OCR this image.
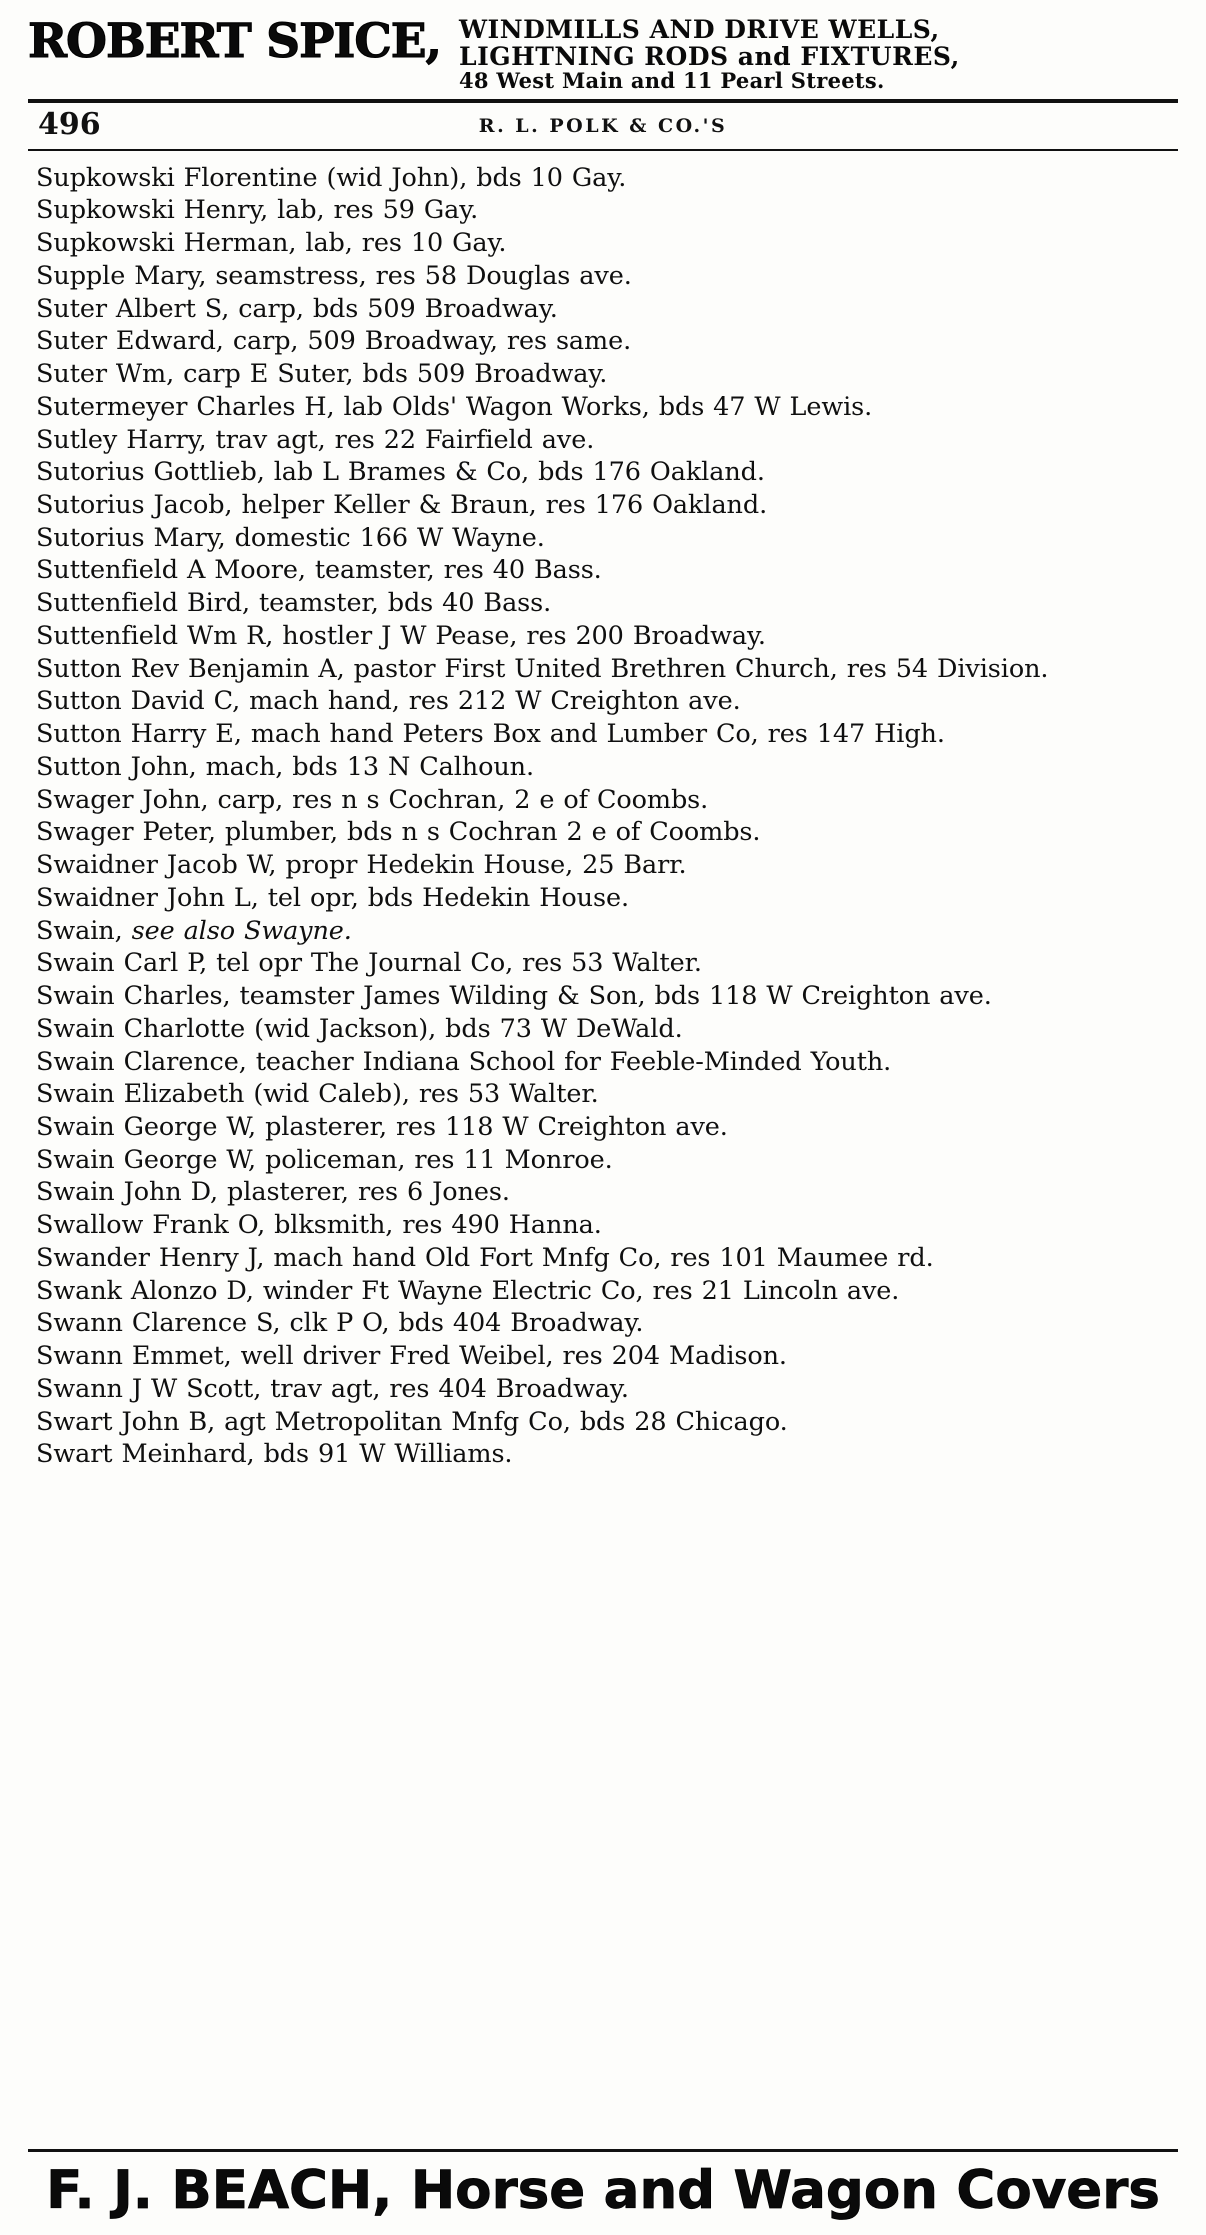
ROBERT SPICE, WINDMILLS AND DRIVE WELLS,
LIGHTNING RODS and FIXTURES,
48 West Main and 11 Pearl Streets.
496	R. L. POLK & CO.'S
Supkowski Florentine (wid John), bds 10 Gay.
Supkowski Henry, lab, res 59 Gay.
Supkowski Herman, lab, res 10 Gay.
Supple Mary, seamstress, res 58 Douglas ave.
Suter Albert S, carp, bds 509 Broadway.
Suter Edward, carp, 509 Broadway, res same.
Suter Wm, carp E Suter, bds 509 Broadway.
Sutermeyer Charles H, lab Olds' Wagon Works, bds 47 W Lewis.
Sutley Harry, trav agt, res 22 Fairfield ave.
Sutorius Gottlieb, lab L Brames & Co, bds 176 Oakland.
Sutorius Jacob, helper Keller & Braun, res 176 Oakland.
Sutorius Mary, domestic 166 W Wayne.
Suttenfield A Moore, teamster, res 40 Bass.
Suttenfield Bird, teamster, bds 40 Bass.
Suttenfield Wm R, hostler J W Pease, res 200 Broadway.
Sutton Rev Benjamin A, pastor First United Brethren Church, res 54 Division.
Sutton David C, mach hand, res 212 W Creighton ave.
Sutton Harry E, mach hand Peters Box and Lumber Co, res 147 High.
Sutton John, mach, bds 13 N Calhoun.
Swager John, carp, res n s Cochran, 2 e of Coombs.
Swager Peter, plumber, bds n s Cochran 2 e of Coombs.
Swaidner Jacob W, propr Hedekin House, 25 Barr.
Swaidner John L, tel opr, bds Hedekin House.
Swain, see also Swayne.
Swain Carl P, tel opr The Journal Co, res 53 Walter.
Swain Charles, teamster James Wilding & Son, bds 118 W Creighton ave.
Swain Charlotte (wid Jackson), bds 73 W DeWald.
Swain Clarence, teacher Indiana School for Feeble-Minded Youth.
Swain Elizabeth (wid Caleb), res 53 Walter.
Swain George W, plasterer, res 118 W Creighton ave.
Swain George W, policeman, res 11 Monroe.
Swain John D, plasterer, res 6 Jones.
Swallow Frank O, blksmith, res 490 Hanna.
Swander Henry J, mach hand Old Fort Mnfg Co, res 101 Maumee rd.
Swank Alonzo D, winder Ft Wayne Electric Co, res 21 Lincoln ave.
Swann Clarence S, clk P O, bds 404 Broadway.
Swann Emmet, well driver Fred Weibel, res 204 Madison.
Swann J W Scott, trav agt, res 404 Broadway.
Swart John B, agt Metropolitan Mnfg Co, bds 28 Chicago.
Swart Meinhard, bds 91 W Williams.
F. J. BEACH, Horse and Wagon Covers
